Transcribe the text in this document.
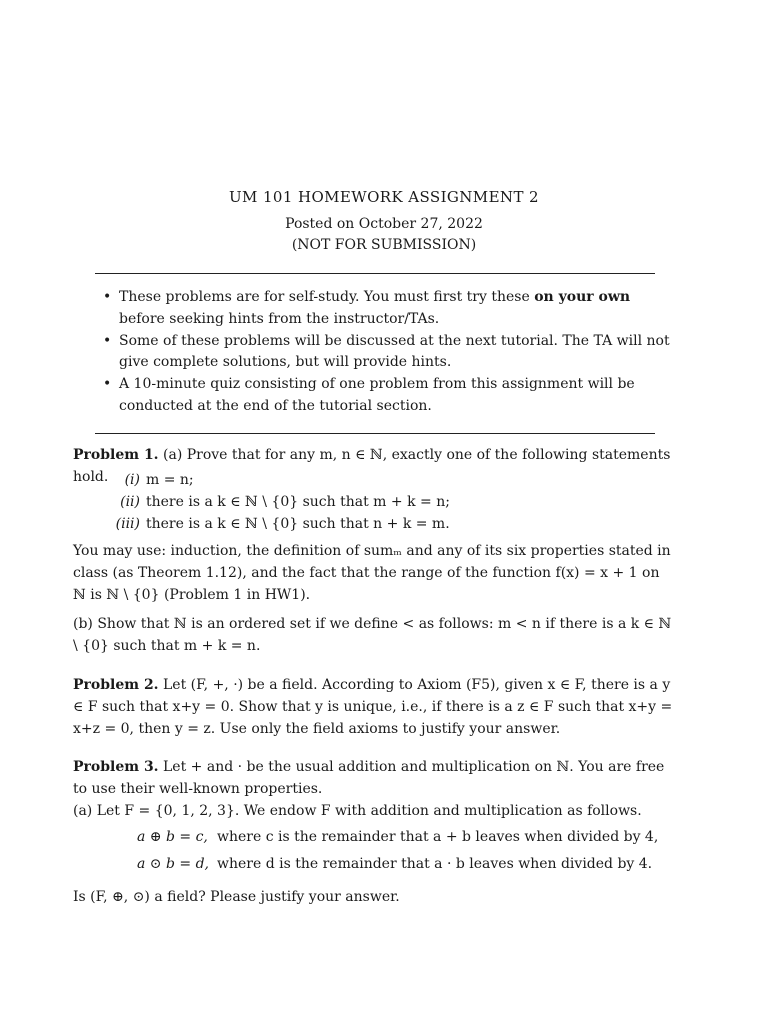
UM 101 HOMEWORK ASSIGNMENT 2
Posted on October 27, 2022
(NOT FOR SUBMISSION)
• These problems are for self-study. You must first try these on your own before seeking hints from the instructor/TAs.
• Some of these problems will be discussed at the next tutorial. The TA will not give complete solutions, but will provide hints.
• A 10-minute quiz consisting of one problem from this assignment will be conducted at the end of the tutorial section.
Problem 1. (a) Prove that for any m, n ∈ ℕ, exactly one of the following statements hold.	(i) m = n;
(ii) there is a k ∈ ℕ \ {0} such that m + k = n;
(iii) there is a k ∈ ℕ \ {0} such that n + k = m.
You may use: induction, the definition of sumₘ and any of its six properties stated in class (as Theorem 1.12), and the fact that the range of the function f(x) = x + 1 on ℕ is ℕ \ {0} (Problem 1 in HW1).
(b) Show that ℕ is an ordered set if we define < as follows: m < n if there is a k ∈ ℕ \ {0} such that m + k = n.
Problem 2. Let (F, +, ·) be a field. According to Axiom (F5), given x ∈ F, there is a y ∈ F such that x+y = 0. Show that y is unique, i.e., if there is a z ∈ F such that x+y = x+z = 0, then y = z. Use only the field axioms to justify your answer.
Problem 3. Let + and · be the usual addition and multiplication on ℕ. You are free to use their well-known properties.
(a) Let F = {0, 1, 2, 3}. We endow F with addition and multiplication as follows.
a ⊕ b = c, where c is the remainder that a + b leaves when divided by 4,
a ⊙ b = d, where d is the remainder that a · b leaves when divided by 4.
Is (F, ⊕, ⊙) a field? Please justify your answer.
